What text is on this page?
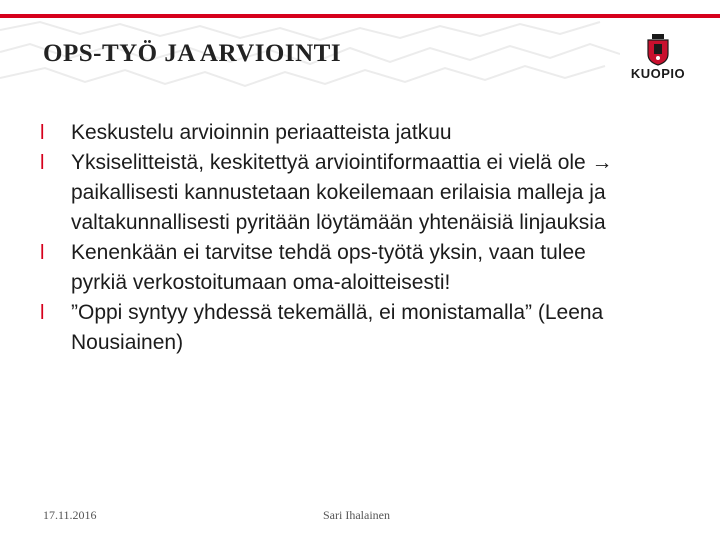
OPS-TYÖ JA ARVIOINTI
KUOPIO
l Keskustelu arvioinnin periaatteista jatkuu
l Yksiselitteistä, keskitettyä arviointiformaattia ei vielä ole → paikallisesti kannustetaan kokeilemaan erilaisia malleja ja valtakunnallisesti pyritään löytämään yhtenäisiä linjauksia
l Kenenkään ei tarvitse tehdä ops-työtä yksin, vaan tulee pyrkiä verkostoitumaan oma-aloitteisesti!
l ”Oppi syntyy yhdessä tekemällä, ei monistamalla” (Leena Nousiainen)
17.11.2016	Sari Ihalainen
